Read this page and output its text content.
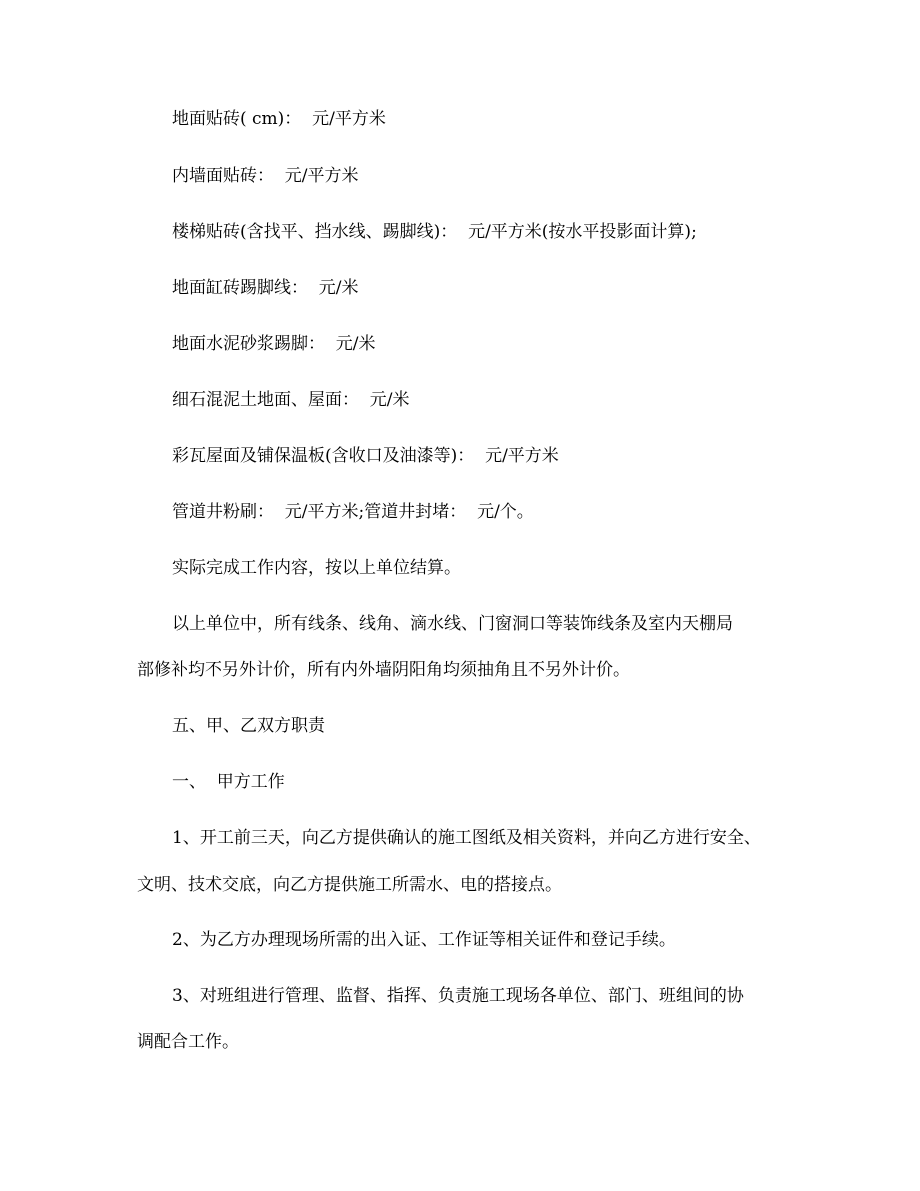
地面贴砖( cm)：  元/平方米
内墙面贴砖：  元/平方米
楼梯贴砖(含找平、挡水线、踢脚线)：  元/平方米(按水平投影面计算);
地面缸砖踢脚线：  元/米
地面水泥砂浆踢脚：  元/米
细石混泥土地面、屋面：  元/米
彩瓦屋面及铺保温板(含收口及油漆等)：  元/平方米
管道井粉刷：  元/平方米;管道井封堵：  元/个。
实际完成工作内容，按以上单位结算。
以上单位中，所有线条、线角、滴水线、门窗洞口等装饰线条及室内天棚局
部修补均不另外计价，所有内外墙阴阳角均须抽角且不另外计价。
五、甲、乙双方职责
一、  甲方工作
1、开工前三天，向乙方提供确认的施工图纸及相关资料，并向乙方进行安全、
文明、技术交底，向乙方提供施工所需水、电的搭接点。
2、为乙方办理现场所需的出入证、工作证等相关证件和登记手续。
3、对班组进行管理、监督、指挥、负责施工现场各单位、部门、班组间的协
调配合工作。
